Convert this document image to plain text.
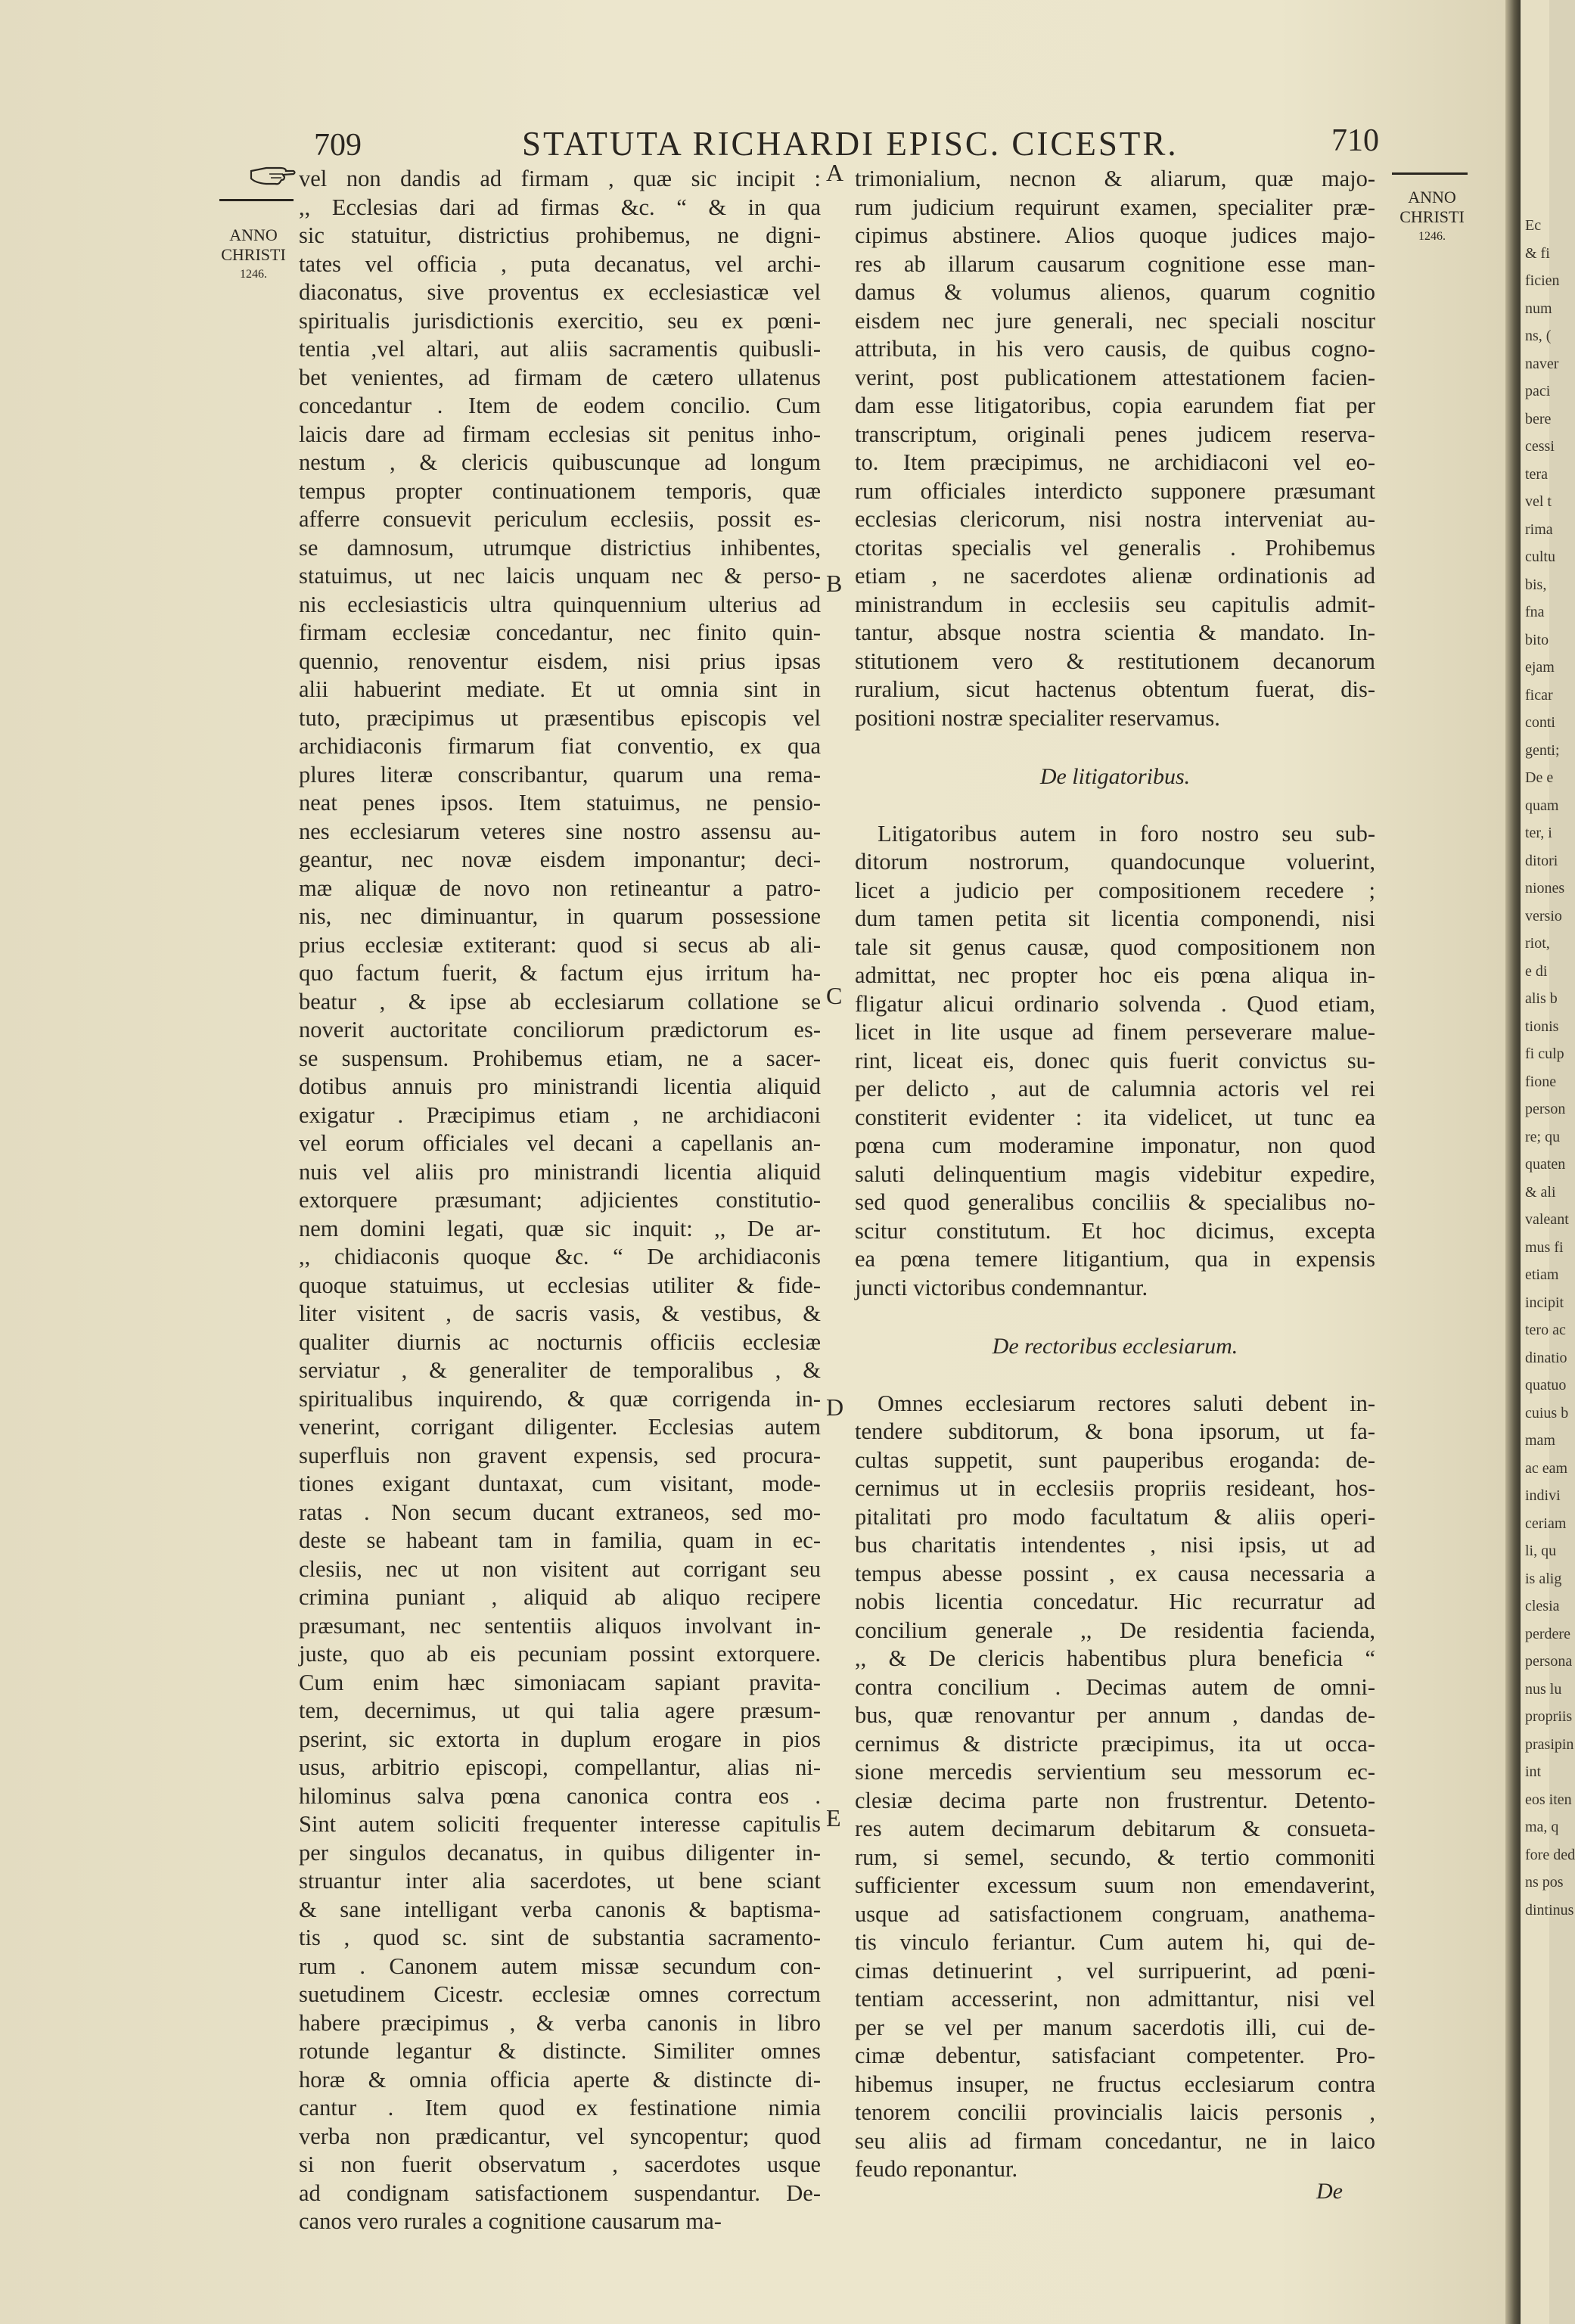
709	STATUTA RICHARDI EPISC. CICESTR.	710
ANNO
CHRISTI
1246.
ANNO
CHRISTI
1246.
A
B
C
D
E
vel non dandis ad firmam , quæ sic incipit :
,, Ecclesias dari ad firmas &c. “ & in qua
sic statuitur, districtius prohibemus, ne digni-
tates vel officia , puta decanatus, vel archi-
diaconatus, sive proventus ex ecclesiasticæ vel
spiritualis jurisdictionis exercitio, seu ex pœni-
tentia ,vel altari, aut aliis sacramentis quibusli-
bet venientes, ad firmam de cætero ullatenus
concedantur . Item de eodem concilio. Cum
laicis dare ad firmam ecclesias sit penitus inho-
nestum , & clericis quibuscunque ad longum
tempus propter continuationem temporis, quæ
afferre consuevit periculum ecclesiis, possit es-
se damnosum, utrumque districtius inhibentes,
statuimus, ut nec laicis unquam nec & perso-
nis ecclesiasticis ultra quinquennium ulterius ad
firmam ecclesiæ concedantur, nec finito quin-
quennio, renoventur eisdem, nisi prius ipsas
alii habuerint mediate. Et ut omnia sint in
tuto, præcipimus ut præsentibus episcopis vel
archidiaconis firmarum fiat conventio, ex qua
plures literæ conscribantur, quarum una rema-
neat penes ipsos. Item statuimus, ne pensio-
nes ecclesiarum veteres sine nostro assensu au-
geantur, nec novæ eisdem imponantur; deci-
mæ aliquæ de novo non retineantur a patro-
nis, nec diminuantur, in quarum possessione
prius ecclesiæ extiterant: quod si secus ab ali-
quo factum fuerit, & factum ejus irritum ha-
beatur , & ipse ab ecclesiarum collatione se
noverit auctoritate conciliorum prædictorum es-
se suspensum. Prohibemus etiam, ne a sacer-
dotibus annuis pro ministrandi licentia aliquid
exigatur . Præcipimus etiam , ne archidiaconi
vel eorum officiales vel decani a capellanis an-
nuis vel aliis pro ministrandi licentia aliquid
extorquere præsumant; adjicientes constitutio-
nem domini legati, quæ sic inquit: ,, De ar-
,, chidiaconis quoque &c. “ De archidiaconis
quoque statuimus, ut ecclesias utiliter & fide-
liter visitent , de sacris vasis, & vestibus, &
qualiter diurnis ac nocturnis officiis ecclesiæ
serviatur , & generaliter de temporalibus , &
spiritualibus inquirendo, & quæ corrigenda in-
venerint, corrigant diligenter. Ecclesias autem
superfluis non gravent expensis, sed procura-
tiones exigant duntaxat, cum visitant, mode-
ratas . Non secum ducant extraneos, sed mo-
deste se habeant tam in familia, quam in ec-
clesiis, nec ut non visitent aut corrigant seu
crimina puniant , aliquid ab aliquo recipere
præsumant, nec sententiis aliquos involvant in-
juste, quo ab eis pecuniam possint extorquere.
Cum enim hæc simoniacam sapiant pravita-
tem, decernimus, ut qui talia agere præsum-
pserint, sic extorta in duplum erogare in pios
usus, arbitrio episcopi, compellantur, alias ni-
hilominus salva pœna canonica contra eos .
Sint autem soliciti frequenter interesse capitulis
per singulos decanatus, in quibus diligenter in-
struantur inter alia sacerdotes, ut bene sciant
& sane intelligant verba canonis & baptisma-
tis , quod sc. sint de substantia sacramento-
rum . Canonem autem missæ secundum con-
suetudinem Cicestr. ecclesiæ omnes correctum
habere præcipimus , & verba canonis in libro
rotunde legantur & distincte. Similiter omnes
horæ & omnia officia aperte & distincte di-
cantur . Item quod ex festinatione nimia
verba non prædicantur, vel syncopentur; quod
si non fuerit observatum , sacerdotes usque
ad condignam satisfactionem suspendantur. De-
canos vero rurales a cognitione causarum ma-
trimonialium, necnon & aliarum, quæ majo-
rum judicium requirunt examen, specialiter præ-
cipimus abstinere. Alios quoque judices majo-
res ab illarum causarum cognitione esse man-
damus & volumus alienos, quarum cognitio
eisdem nec jure generali, nec speciali noscitur
attributa, in his vero causis, de quibus cogno-
verint, post publicationem attestationem facien-
dam esse litigatoribus, copia earundem fiat per
transcriptum, originali penes judicem reserva-
to. Item præcipimus, ne archidiaconi vel eo-
rum officiales interdicto supponere præsumant
ecclesias clericorum, nisi nostra interveniat au-
ctoritas specialis vel generalis . Prohibemus
etiam , ne sacerdotes alienæ ordinationis ad
ministrandum in ecclesiis seu capitulis admit-
tantur, absque nostra scientia & mandato. In-
stitutionem vero & restitutionem decanorum
ruralium, sicut hactenus obtentum fuerat, dis-
positioni nostræ specialiter reservamus.
De litigatoribus.
Litigatoribus autem in foro nostro seu sub-
ditorum nostrorum, quandocunque voluerint,
licet a judicio per compositionem recedere ;
dum tamen petita sit licentia componendi, nisi
tale sit genus causæ, quod compositionem non
admittat, nec propter hoc eis pœna aliqua in-
fligatur alicui ordinario solvenda . Quod etiam,
licet in lite usque ad finem perseverare malue-
rint, liceat eis, donec quis fuerit convictus su-
per delicto , aut de calumnia actoris vel rei
constiterit evidenter : ita videlicet, ut tunc ea
pœna cum moderamine imponatur, non quod
saluti delinquentium magis videbitur expedire,
sed quod generalibus conciliis & specialibus no-
scitur constitutum. Et hoc dicimus, excepta
ea pœna temere litigantium, qua in expensis
juncti victoribus condemnantur.
De rectoribus ecclesiarum.
Omnes ecclesiarum rectores saluti debent in-
tendere subditorum, & bona ipsorum, ut fa-
cultas suppetit, sunt pauperibus eroganda: de-
cernimus ut in ecclesiis propriis resideant, hos-
pitalitati pro modo facultatum & aliis operi-
bus charitatis intendentes , nisi ipsis, ut ad
tempus abesse possint , ex causa necessaria a
nobis licentia concedatur. Hic recurratur ad
concilium generale ,, De residentia facienda,
,, & De clericis habentibus plura beneficia “
contra concilium . Decimas autem de omni-
bus, quæ renovantur per annum , dandas de-
cernimus & districte præcipimus, ita ut occa-
sione mercedis servientium seu messorum ec-
clesiæ decima parte non frustrentur. Detento-
res autem decimarum debitarum & consueta-
rum, si semel, secundo, & tertio commoniti
sufficienter excessum suum non emendaverint,
usque ad satisfactionem congruam, anathema-
tis vinculo feriantur. Cum autem hi, qui de-
cimas detinuerint , vel surripuerint, ad pœni-
tentiam accesserint, non admittantur, nisi vel
per se vel per manum sacerdotis illi, cui de-
cimæ debentur, satisfaciant competenter. Pro-
hibemus insuper, ne fructus ecclesiarum contra
tenorem concilii provincialis laicis personis ,
seu aliis ad firmam concedantur, ne in laico
feudo reponantur.
De
Ec
& fi
ficien
num
ns, (
naver
paci
bere
cessi
tera
vel t
rima
cultu
bis,
fna
bito
ejam
ficar
conti
genti;
De e
quam
ter, i
ditori
niones
versio
riot,
e di
alis b
tionis
fi culp
fione
person
re; qu
quaten
& ali
valeant
mus fi
etiam
incipit
tero ac
dinatio
quatuo
cuius b
mam
ac eam
indivi
ceriam
li, qu
is alig
clesia
perdere
persona
nus lu
propriis
prasipin
int
eos iten
ma, q
fore ded
ns pos
dintinus
